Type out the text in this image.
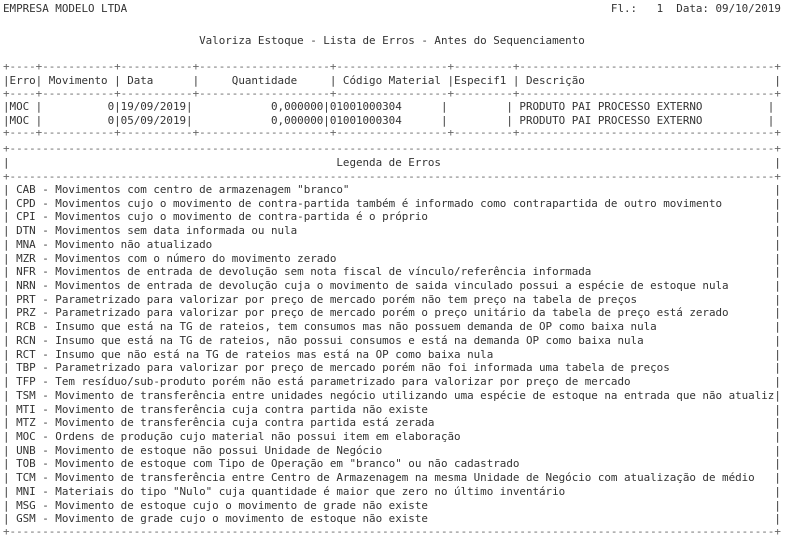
EMPRESA MODELO LTDA                                                                          Fl.:   1  Data: 09/10/2019
Valoriza Estoque - Lista de Erros - Antes do Sequenciamento
+----+-----------+-----------+--------------------+-----------------+---------+---------------------------------------+
|Erro| Movimento | Data      |     Quantidade     | Código Material |Especif1 | Descrição                             |
+----+-----------+-----------+--------------------+-----------------+---------+---------------------------------------+
|MOC |          0|19/09/2019|            0,000000|01001000304      |         | PRODUTO PAI PROCESSO EXTERNO          |
|MOC |          0|05/09/2019|            0,000000|01001000304      |         | PRODUTO PAI PROCESSO EXTERNO          |
+----+-----------+-----------+--------------------+-----------------+---------+---------------------------------------+
+---------------------------------------------------------------------------------------------------------------------+
|                                                  Legenda de Erros                                                   |
+---------------------------------------------------------------------------------------------------------------------+
| CAB - Movimentos com centro de armazenagem "branco"                                                                 |
| CPD - Movimentos cujo o movimento de contra-partida também é informado como contrapartida de outro movimento        |
| CPI - Movimentos cujo o movimento de contra-partida é o próprio                                                     |
| DTN - Movimentos sem data informada ou nula                                                                         |
| MNA - Movimento não atualizado                                                                                      |
| MZR - Movimentos com o número do movimento zerado                                                                   |
| NFR - Movimentos de entrada de devolução sem nota fiscal de vínculo/referência informada                            |
| NRN - Movimentos de entrada de devolução cuja o movimento de saida vinculado possui a espécie de estoque nula       |
| PRT - Parametrizado para valorizar por preço de mercado porém não tem preço na tabela de preços                     |
| PRZ - Parametrizado para valorizar por preço de mercado porém o preço unitário da tabela de preço está zerado       |
| RCB - Insumo que está na TG de rateios, tem consumos mas não possuem demanda de OP como baixa nula                  |
| RCN - Insumo que está na TG de rateios, não possui consumos e está na demanda OP como baixa nula                    |
| RCT - Insumo que não está na TG de rateios mas está na OP como baixa nula                                           |
| TBP - Parametrizado para valorizar por preço de mercado porém não foi informada uma tabela de preços                |
| TFP - Tem resíduo/sub-produto porém não está parametrizado para valorizar por preço de mercado                      |
| TSM - Movimento de transferência entre unidades negócio utilizando uma espécie de estoque na entrada que não atualiz|
| MTI - Movimento de transferência cuja contra partida não existe                                                     |
| MTZ - Movimento de transferência cuja contra partida está zerada                                                    |
| MOC - Ordens de produção cujo material não possui item em elaboração                                                |
| UNB - Movimento de estoque não possui Unidade de Negócio                                                            |
| TOB - Movimento de estoque com Tipo de Operação em "branco" ou não cadastrado                                       |
| TCM - Movimento de transferência entre Centro de Armazenagem na mesma Unidade de Negócio com atualização de médio   |
| MNI - Materiais do tipo "Nulo" cuja quantidade é maior que zero no último inventário                                |
| MSG - Movimento de estoque cujo o movimento de grade não existe                                                     |
| GSM - Movimento de grade cujo o movimento de estoque não existe                                                     |
+---------------------------------------------------------------------------------------------------------------------+
